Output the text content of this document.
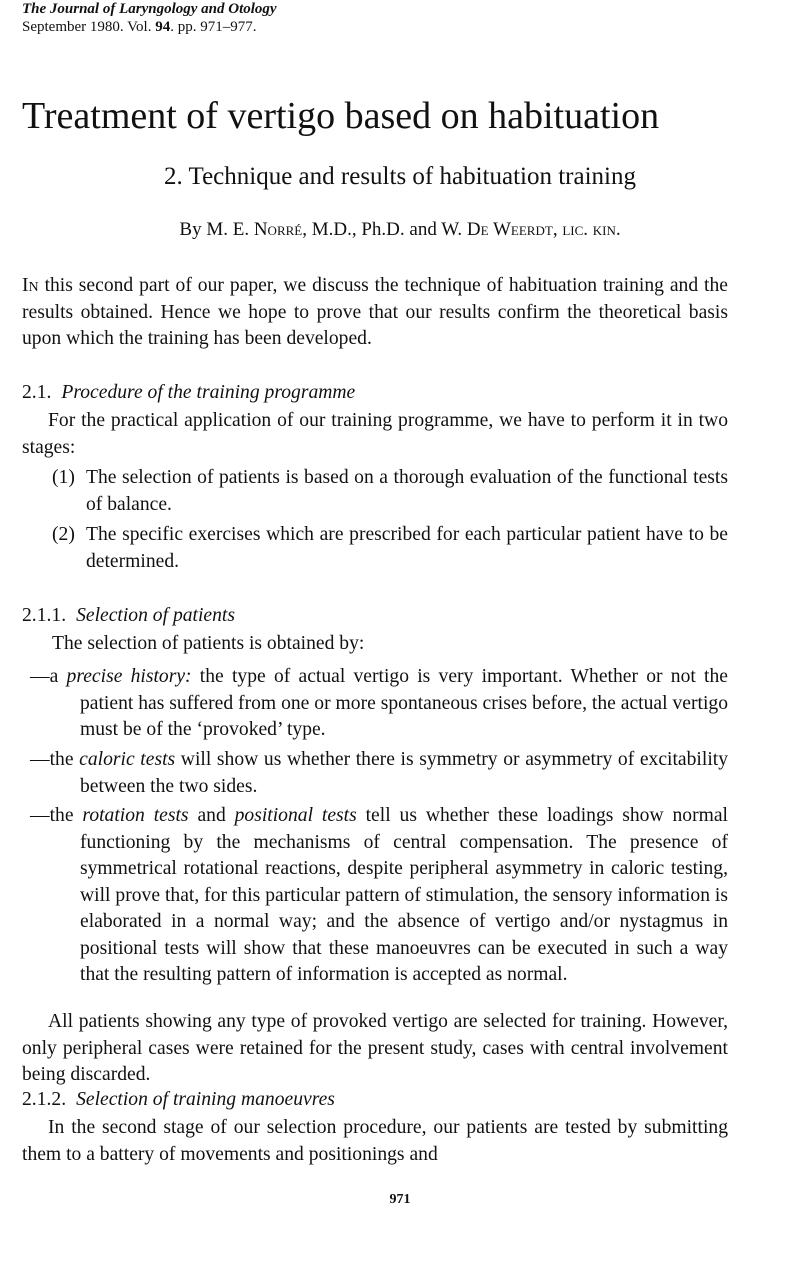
The Journal of Laryngology and Otology
September 1980. Vol. 94. pp. 971–977.
Treatment of vertigo based on habituation
2. Technique and results of habituation training
By M. E. Norré, M.D., Ph.D. and W. De Weerdt, lic. kin.
In this second part of our paper, we discuss the technique of habituation training and the results obtained. Hence we hope to prove that our results confirm the theoretical basis upon which the training has been developed.
2.1. Procedure of the training programme
For the practical application of our training programme, we have to perform it in two stages:
(1) The selection of patients is based on a thorough evaluation of the functional tests of balance.
(2) The specific exercises which are prescribed for each particular patient have to be determined.
2.1.1. Selection of patients
The selection of patients is obtained by:
—a precise history: the type of actual vertigo is very important. Whether or not the patient has suffered from one or more spontaneous crises before, the actual vertigo must be of the ‘provoked’ type.
—the caloric tests will show us whether there is symmetry or asymmetry of excitability between the two sides.
—the rotation tests and positional tests tell us whether these loadings show normal functioning by the mechanisms of central compensation. The presence of symmetrical rotational reactions, despite peripheral asymmetry in caloric testing, will prove that, for this particular pattern of stimulation, the sensory information is elaborated in a normal way; and the absence of vertigo and/or nystagmus in positional tests will show that these manoeuvres can be executed in such a way that the resulting pattern of information is accepted as normal.
All patients showing any type of provoked vertigo are selected for training. However, only peripheral cases were retained for the present study, cases with central involvement being discarded.
2.1.2. Selection of training manoeuvres
In the second stage of our selection procedure, our patients are tested by submitting them to a battery of movements and positionings and
971
